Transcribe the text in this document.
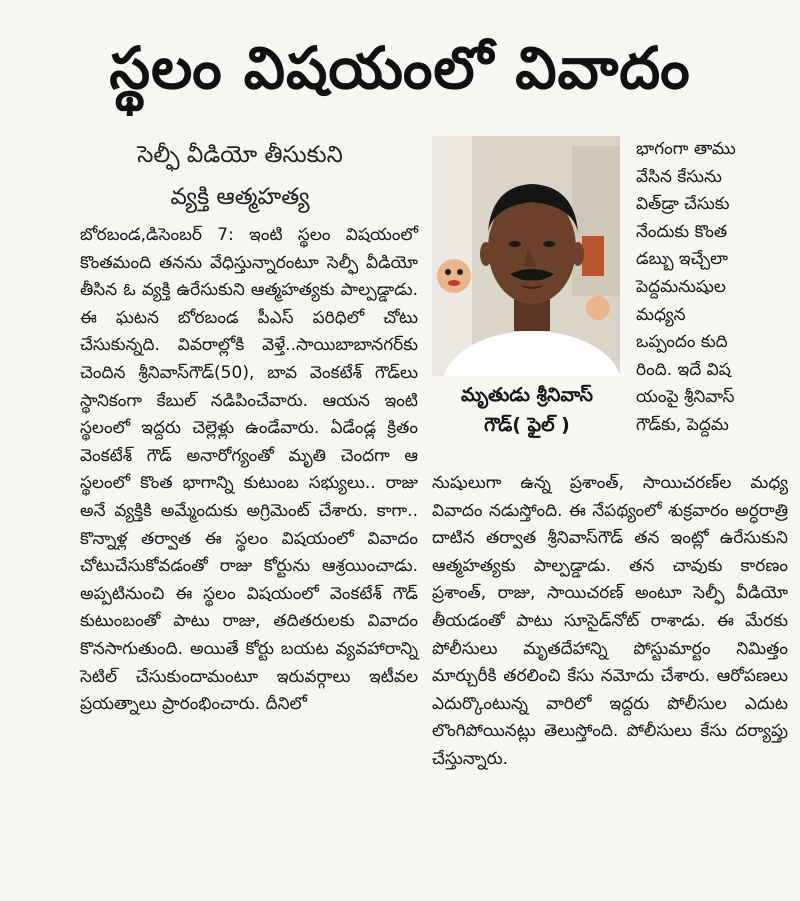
స్థలం విషయంలో వివాదం
సెల్ఫీ వీడియో తీసుకుని
వ్యక్తి ఆత్మహత్య

బోరబండ,డిసెంబర్ 7: ఇంటి స్థలం విషయంలో కొంతమంది తనను వేధిస్తున్నారంటూ సెల్ఫీ వీడియో తీసిన ఓ వ్యక్తి ఉరేసుకుని ఆత్మహత్యకు పాల్పడ్డాడు. ఈ ఘటన బోరబండ పీఎస్ పరిధిలో చోటు చేసుకున్నది. వివరాల్లోకి వెళ్తే..సాయిబాబానగర్‌కు చెందిన శ్రీనివాస్‌గౌడ్(50), బావ వెంకటేశ్ గౌడ్‌లు స్థానికంగా కేబుల్ నడిపించేవారు. ఆయన ఇంటి స్థలంలో ఇద్దరు చెల్లెళ్లు ఉండేవారు. ఏడేండ్ల క్రితం వెంకటేశ్ గౌడ్ అనారోగ్యంతో మృతి చెందగా ఆ స్థలంలో కొంత భాగాన్ని కుటుంబ సభ్యులు.. రాజు అనే వ్యక్తికి అమ్మేందుకు అగ్రిమెంట్ చేశారు. కాగా.. కొన్నాళ్ల తర్వాత ఈ స్థలం విషయంలో వివాదం చోటుచేసుకోవడంతో రాజు కోర్టును ఆశ్రయించాడు. అప్పటినుంచి ఈ స్థలం విషయంలో వెంకటేశ్ గౌడ్ కుటుంబంతో పాటు రాజు, తదితరులకు వివాదం కొనసాగుతుంది. అయితే కోర్టు బయట వ్యవహారాన్ని సెటిల్ చేసుకుందామంటూ ఇరువర్గాలు ఇటీవల ప్రయత్నాలు ప్రారంభించారు. దీనిలో

మృతుడు శ్రీనివాస్
గౌడ్( ఫైల్ )
భాగంగా తాము
వేసిన కేసును
విత్‌డ్రా చేసుకు
నేందుకు కొంత
డబ్బు ఇచ్చేలా
పెద్దమనుషుల
మధ్యన
ఒప్పందం కుది
రింది. ఇదే విష
యంపై శ్రీనివాస్
గౌడ్‌కు, పెద్దమ

నుషులుగా ఉన్న ప్రశాంత్, సాయిచరణ్‌ల మధ్య వివాదం నడుస్తోంది. ఈ నేపథ్యంలో శుక్రవారం అర్ధరాత్రి దాటిన తర్వాత శ్రీనివాస్‌గౌడ్ తన ఇంట్లో ఉరేసుకుని ఆత్మహత్యకు పాల్పడ్డాడు. తన చావుకు కారణం ప్రశాంత్, రాజు, సాయిచరణ్ అంటూ సెల్ఫీ వీడియో తీయడంతో పాటు సూసైడ్‌నోట్ రాశాడు. ఈ మేరకు పోలీసులు మృతదేహాన్ని పోస్టుమార్టం నిమిత్తం మార్చురీకి తరలించి కేసు నమోదు చేశారు. ఆరోపణలు ఎదుర్కొంటున్న వారిలో ఇద్దరు పోలీసుల ఎదుట లొంగిపోయినట్లు తెలుస్తోంది. పోలీసులు కేసు దర్యాప్తు చేస్తున్నారు.
